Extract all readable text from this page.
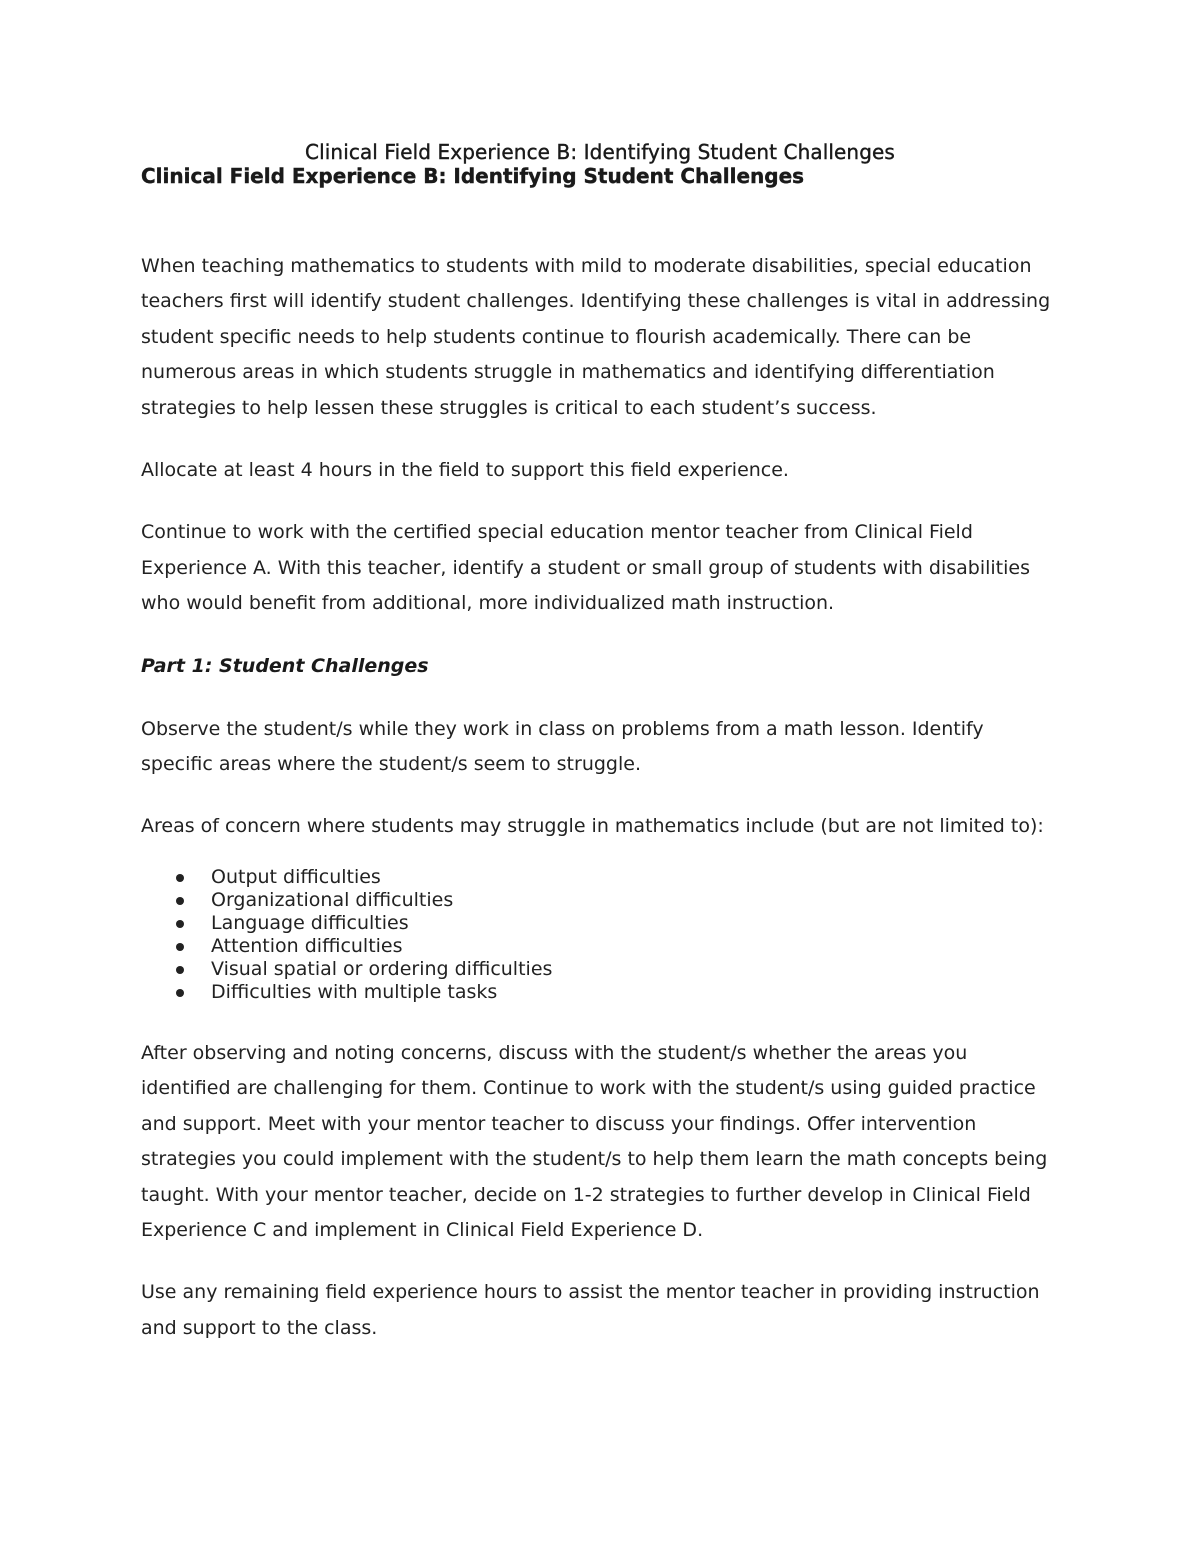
Clinical Field Experience B: Identifying Student Challenges
Clinical Field Experience B: Identifying Student Challenges

When teaching mathematics to students with mild to moderate disabilities, special education teachers first will identify student challenges. Identifying these challenges is vital in addressing student specific needs to help students continue to flourish academically. There can be numerous areas in which students struggle in mathematics and identifying differentiation strategies to help lessen these struggles is critical to each student’s success.

Allocate at least 4 hours in the field to support this field experience.

Continue to work with the certified special education mentor teacher from Clinical Field Experience A. With this teacher, identify a student or small group of students with disabilities who would benefit from additional, more individualized math instruction.

Part 1: Student Challenges

Observe the student/s while they work in class on problems from a math lesson. Identify specific areas where the student/s seem to struggle.

Areas of concern where students may struggle in mathematics include (but are not limited to):

Output difficulties
Organizational difficulties
Language difficulties
Attention difficulties
Visual spatial or ordering difficulties
Difficulties with multiple tasks

After observing and noting concerns, discuss with the student/s whether the areas you identified are challenging for them. Continue to work with the student/s using guided practice and support. Meet with your mentor teacher to discuss your findings. Offer intervention strategies you could implement with the student/s to help them learn the math concepts being taught. With your mentor teacher, decide on 1-2 strategies to further develop in Clinical Field Experience C and implement in Clinical Field Experience D.

Use any remaining field experience hours to assist the mentor teacher in providing instruction and support to the class.
